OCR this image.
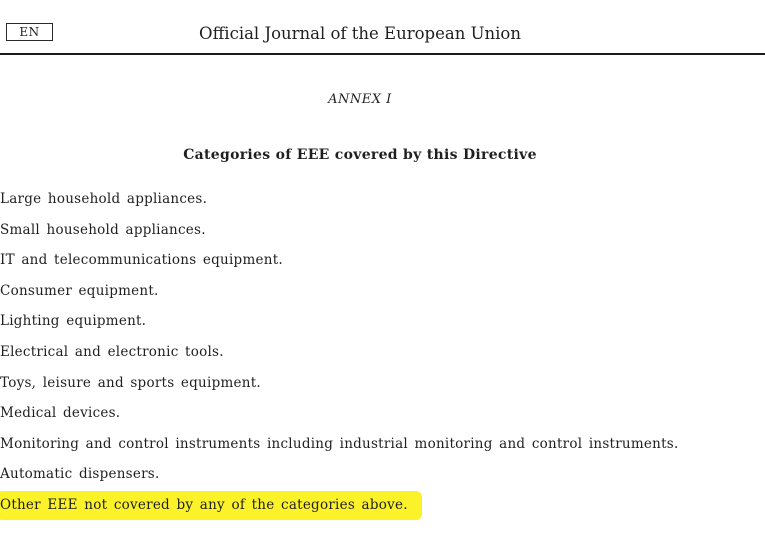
EN	Official Journal of the European Union
ANNEX I
Categories of EEE covered by this Directive
Large household appliances.
Small household appliances.
IT and telecommunications equipment.
Consumer equipment.
Lighting equipment.
Electrical and electronic tools.
Toys, leisure and sports equipment.
Medical devices.
Monitoring and control instruments including industrial monitoring and control instruments.
Automatic dispensers.
Other EEE not covered by any of the categories above.
